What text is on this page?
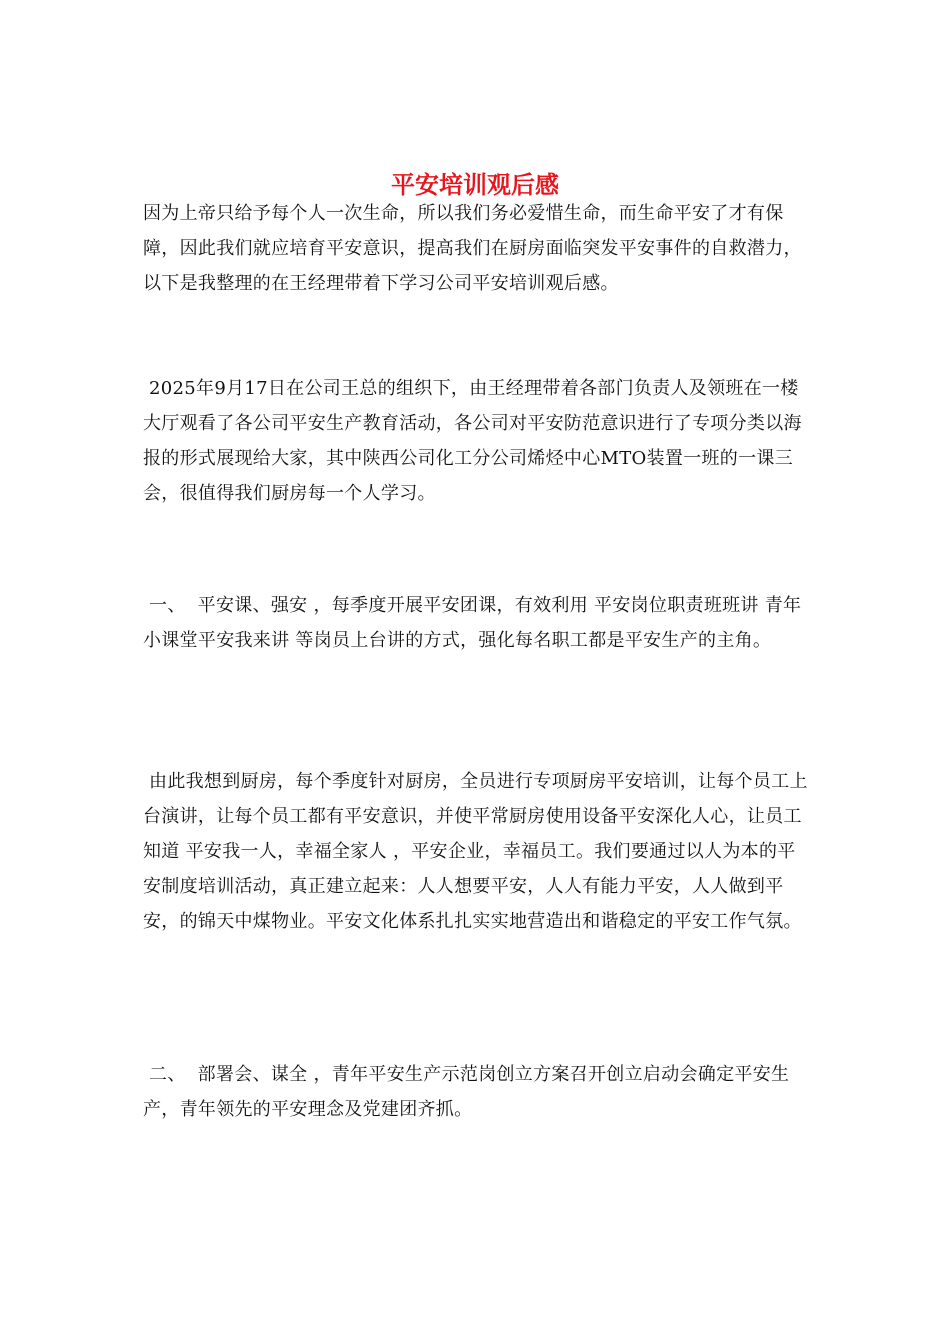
平安培训观后感

因为上帝只给予每个人一次生命，所以我们务必爱惜生命，而生命平安了才有保障，因此我们就应培育平安意识，提高我们在厨房面临突发平安事件的自救潜力，以下是我整理的在王经理带着下学习公司平安培训观后感。

2025年9月17日在公司王总的组织下，由王经理带着各部门负责人及领班在一楼大厅观看了各公司平安生产教育活动，各公司对平安防范意识进行了专项分类以海报的形式展现给大家，其中陕西公司化工分公司烯烃中心MTO装置一班的一课三会，很值得我们厨房每一个人学习。

一、  平安课、强安 ，每季度开展平安团课，有效利用 平安岗位职责班班讲 青年小课堂平安我来讲 等岗员上台讲的方式，强化每名职工都是平安生产的主角。

由此我想到厨房，每个季度针对厨房，全员进行专项厨房平安培训，让每个员工上台演讲，让每个员工都有平安意识，并使平常厨房使用设备平安深化人心，让员工知道 平安我一人，幸福全家人 ，平安企业，幸福员工。我们要通过以人为本的平安制度培训活动，真正建立起来：人人想要平安，人人有能力平安，人人做到平安，的锦天中煤物业。平安文化体系扎扎实实地营造出和谐稳定的平安工作气氛。

二、  部署会、谋全 ，青年平安生产示范岗创立方案召开创立启动会确定平安生产，青年领先的平安理念及党建团齐抓。
